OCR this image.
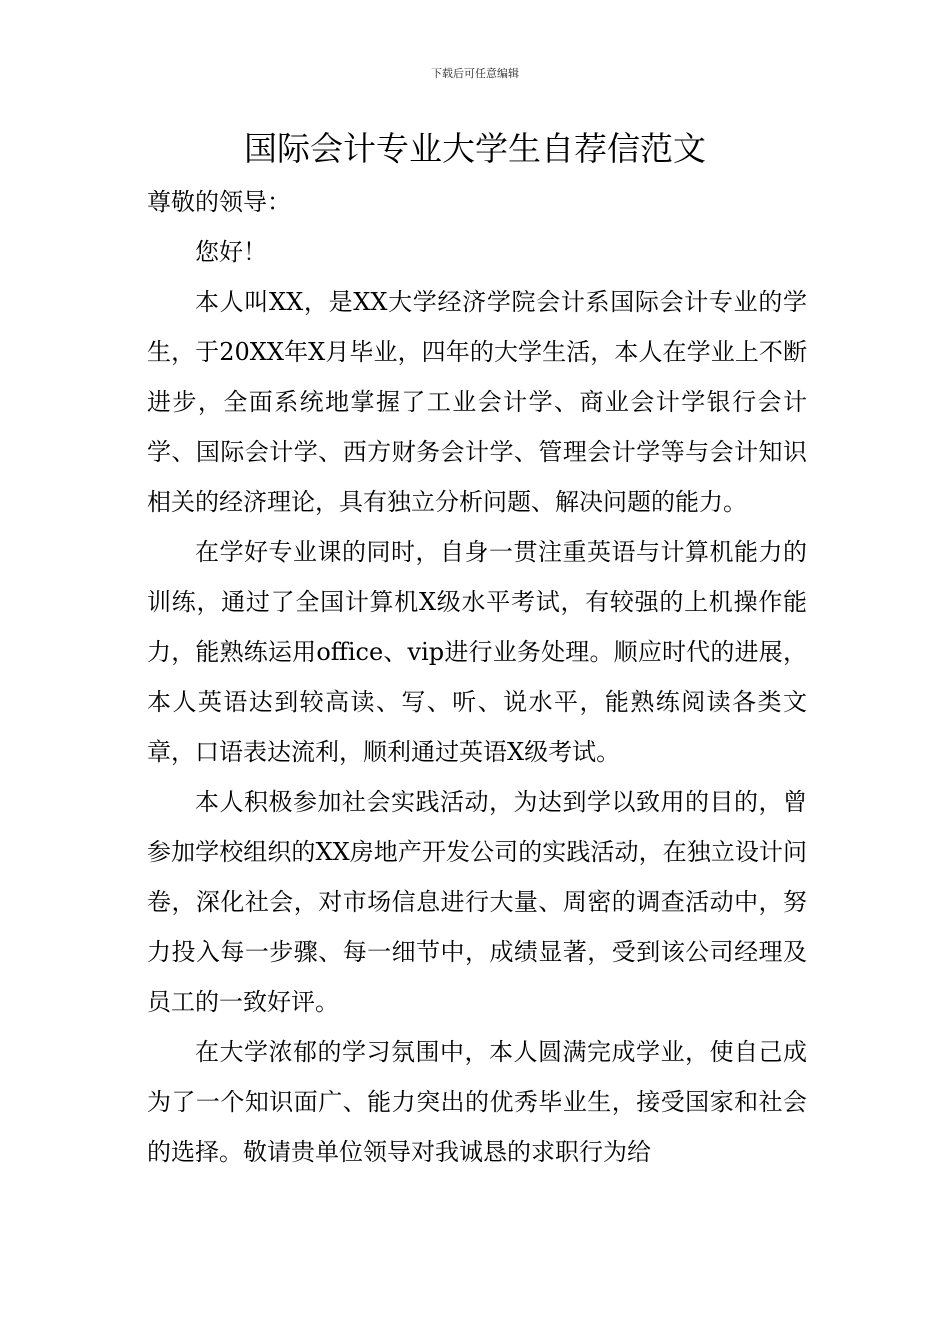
下载后可任意编辑
国际会计专业大学生自荐信范文

尊敬的领导：

您好！

本人叫XX，是XX大学经济学院会计系国际会计专业的学生，于20XX年X月毕业，四年的大学生活，本人在学业上不断进步，全面系统地掌握了工业会计学、商业会计学银行会计学、国际会计学、西方财务会计学、管理会计学等与会计知识相关的经济理论，具有独立分析问题、解决问题的能力。

在学好专业课的同时，自身一贯注重英语与计算机能力的训练，通过了全国计算机X级水平考试，有较强的上机操作能力，能熟练运用office、vip进行业务处理。顺应时代的进展，本人英语达到较高读、写、听、说水平，能熟练阅读各类文章，口语表达流利，顺利通过英语X级考试。

本人积极参加社会实践活动，为达到学以致用的目的，曾参加学校组织的XX房地产开发公司的实践活动，在独立设计问卷，深化社会，对市场信息进行大量、周密的调查活动中，努力投入每一步骤、每一细节中，成绩显著，受到该公司经理及员工的一致好评。

在大学浓郁的学习氛围中，本人圆满完成学业，使自己成为了一个知识面广、能力突出的优秀毕业生，接受国家和社会的选择。敬请贵单位领导对我诚恳的求职行为给
